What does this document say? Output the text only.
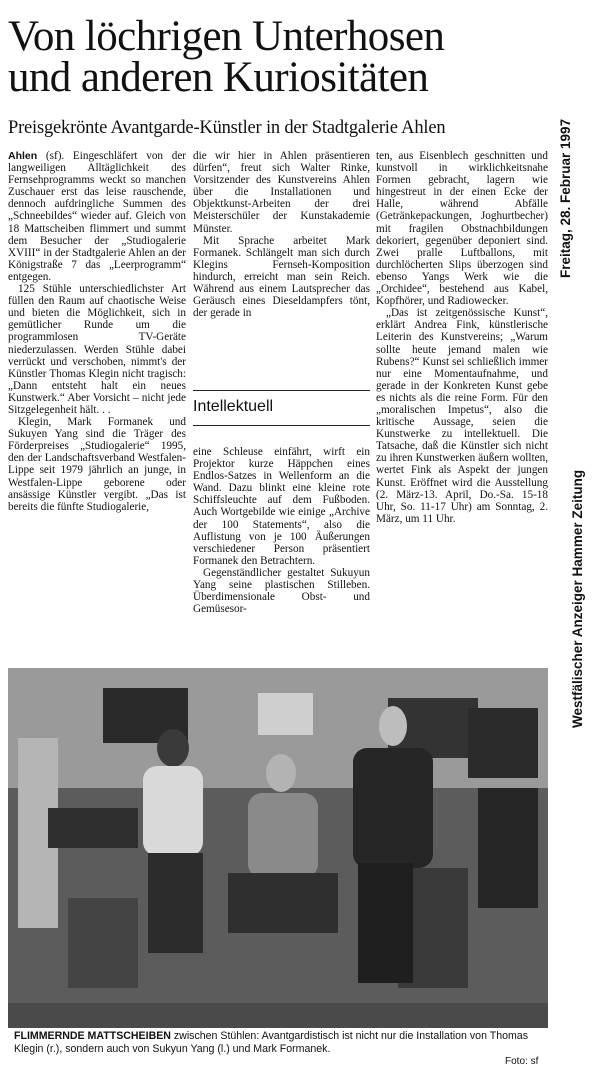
Von löchrigen Unterhosen
und anderen Kuriositäten
Preisgekrönte Avantgarde-Künstler in der Stadtgalerie Ahlen

Ahlen (sf). Eingeschläfert von der langweiligen Alltäglichkeit des Fernsehprogramms weckt so manchen Zuschauer erst das leise rauschende, dennoch aufdringliche Summen des „Schneebildes“ wieder auf. Gleich von 18 Mattscheiben flimmert und summt dem Besucher der „Studiogalerie XVIII“ in der Stadtgalerie Ahlen an der Königstraße 7 das „Leerprogramm“ entgegen.

125 Stühle unterschiedlichster Art füllen den Raum auf chaotische Weise und bieten die Möglichkeit, sich in gemütlicher Runde um die programmlosen TV-Geräte niederzulassen. Werden Stühle dabei verrückt und verschoben, nimmt's der Künstler Thomas Klegin nicht tragisch: „Dann entsteht halt ein neues Kunstwerk.“ Aber Vorsicht – nicht jede Sitzgelegenheit hält. . .

Klegin, Mark Formanek und Sukuyen Yang sind die Träger des Förderpreises „Studiogalerie“ 1995, den der Landschaftsverband Westfalen-Lippe seit 1979 jährlich an junge, in Westfalen-Lippe geborene oder ansässige Künstler vergibt. „Das ist bereits die fünfte Studiogalerie,

die wir hier in Ahlen präsentieren dürfen“, freut sich Walter Rinke, Vorsitzender des Kunstvereins Ahlen über die Installationen und Objektkunst-Arbeiten der drei Meisterschüler der Kunstakademie Münster.

Mit Sprache arbeitet Mark Formanek. Schlängelt man sich durch Klegins Fernseh-Komposition hindurch, erreicht man sein Reich. Während aus einem Lautsprecher das Geräusch eines Dieseldampfers tönt, der gerade in

Intellektuell

eine Schleuse einfährt, wirft ein Projektor kurze Häppchen eines Endlos-Satzes in Wellenform an die Wand. Dazu blinkt eine kleine rote Schiffsleuchte auf dem Fußboden. Auch Wortgebilde wie einige „Archive der 100 Statements“, also die Auflistung von je 100 Äußerungen verschiedener Person präsentiert Formanek den Betrachtern.

Gegenständlicher gestaltet Sukuyun Yang seine plastischen Stilleben. Überdimensionale Obst- und Gemüsesor-

ten, aus Eisenblech geschnitten und kunstvoll in wirklichkeitsnahe Formen gebracht, lagern wie hingestreut in der einen Ecke der Halle, während Abfälle (Getränkepackungen, Joghurtbecher) mit fragilen Obstnachbildungen dekoriert, gegenüber deponiert sind. Zwei pralle Luftballons, mit durchlöcherten Slips überzogen sind ebenso Yangs Werk wie die „Orchidee“, bestehend aus Kabel, Kopfhörer, und Radiowecker.

„Das ist zeitgenössische Kunst“, erklärt Andrea Fink, künstlerische Leiterin des Kunstvereins; „Warum sollte heute jemand malen wie Rubens?“ Kunst sei schließlich immer nur eine Momentaufnahme, und gerade in der Konkreten Kunst gebe es nichts als die reine Form. Für den „moralischen Impetus“, also die kritische Aussage, seien die Kunstwerke zu intellektuell. Die Tatsache, daß die Künstler sich nicht zu ihren Kunstwerken äußern wollten, wertet Fink als Aspekt der jungen Kunst. Eröffnet wird die Ausstellung (2. März-13. April, Do.-Sa. 15-18 Uhr, So. 11-17 Uhr) am Sonntag, 2. März, um 11 Uhr.

Freitag, 28. Februar 1997
Westfälischer Anzeiger Hammer Zeitung
FLIMMERNDE MATTSCHEIBEN zwischen Stühlen: Avantgardistisch ist nicht nur die Installation von Thomas Klegin (r.), sondern auch von Sukyun Yang (l.) und Mark Formanek.
Foto: sf
